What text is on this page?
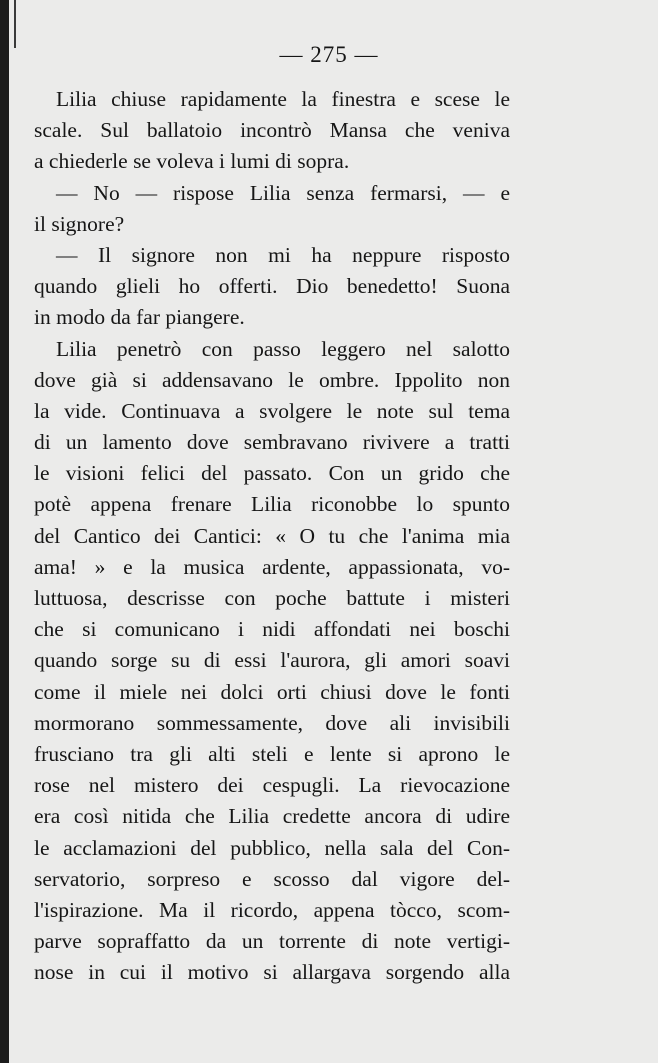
— 275 —
Lilia chiuse rapidamente la finestra e scese le
scale. Sul ballatoio incontrò Mansa che veniva
a chiederle se voleva i lumi di sopra.
— No — rispose Lilia senza fermarsi, — e
il signore?
— Il signore non mi ha neppure risposto
quando glieli ho offerti. Dio benedetto! Suona
in modo da far piangere.
Lilia penetrò con passo leggero nel salotto
dove già si addensavano le ombre. Ippolito non
la vide. Continuava a svolgere le note sul tema
di un lamento dove sembravano rivivere a tratti
le visioni felici del passato. Con un grido che
potè appena frenare Lilia riconobbe lo spunto
del Cantico dei Cantici: « O tu che l'anima mia
ama! » e la musica ardente, appassionata, vo-
luttuosa, descrisse con poche battute i misteri
che si comunicano i nidi affondati nei boschi
quando sorge su di essi l'aurora, gli amori soavi
come il miele nei dolci orti chiusi dove le fonti
mormorano sommessamente, dove ali invisibili
frusciano tra gli alti steli e lente si aprono le
rose nel mistero dei cespugli. La rievocazione
era così nitida che Lilia credette ancora di udire
le acclamazioni del pubblico, nella sala del Con-
servatorio, sorpreso e scosso dal vigore del-
l'ispirazione. Ma il ricordo, appena tòcco, scom-
parve sopraffatto da un torrente di note vertigi-
nose in cui il motivo si allargava sorgendo alla
